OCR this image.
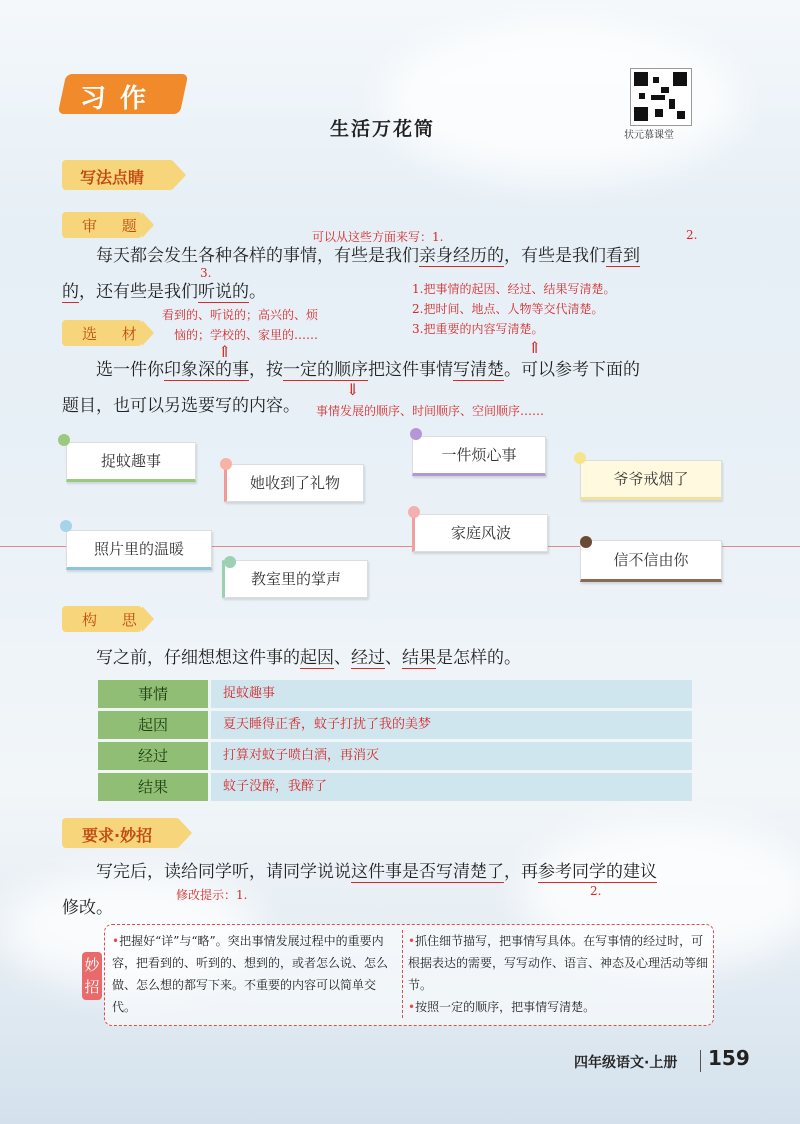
习作
生活万花筒	状元慕课堂
写法点睛
审 题
可以从这些方面来写：1.	2.
3.
每天都会发生各种各样的事情，有些是我们亲身经历的，有些是我们看到
的，还有些是我们听说的。
选 材
看到的、听说的；高兴的、烦
恼的；学校的、家里的……
1.把事情的起因、经过、结果写清楚。
2.把时间、地点、人物等交代清楚。
3.把重要的内容写清楚。
⇑	⇑
⇓
选一件你印象深的事，按一定的顺序把这件事情写清楚。可以参考下面的
题目，也可以另选要写的内容。 事情发展的顺序、时间顺序、空间顺序……
捉蚊趣事
她收到了礼物
一件烦心事
爷爷戒烟了
照片里的温暖
教室里的掌声
家庭风波
信不信由你
构 思
写之前，仔细想想这件事的起因、经过、结果是怎样的。
事情	捉蚊趣事
起因	夏天睡得正香，蚊子打扰了我的美梦
经过	打算对蚊子喷白酒，再消灭
结果	蚊子没醉，我醉了
要求·妙招
写完后，读给同学听，请同学说说这件事是否写清楚了，再参考同学的建议
修改提示：1.	2.
修改。
妙招
•把握好“详”与“略”。突出事情发展过程中的重要内容，把看到的、听到的、想到的，或者怎么说、怎么做、怎么想的都写下来。不重要的内容可以简单交代。
•抓住细节描写，把事情写具体。在写事情的经过时，可根据表达的需要，写写动作、语言、神态及心理活动等细节。
•按照一定的顺序，把事情写清楚。
四年级语文·上册 159
